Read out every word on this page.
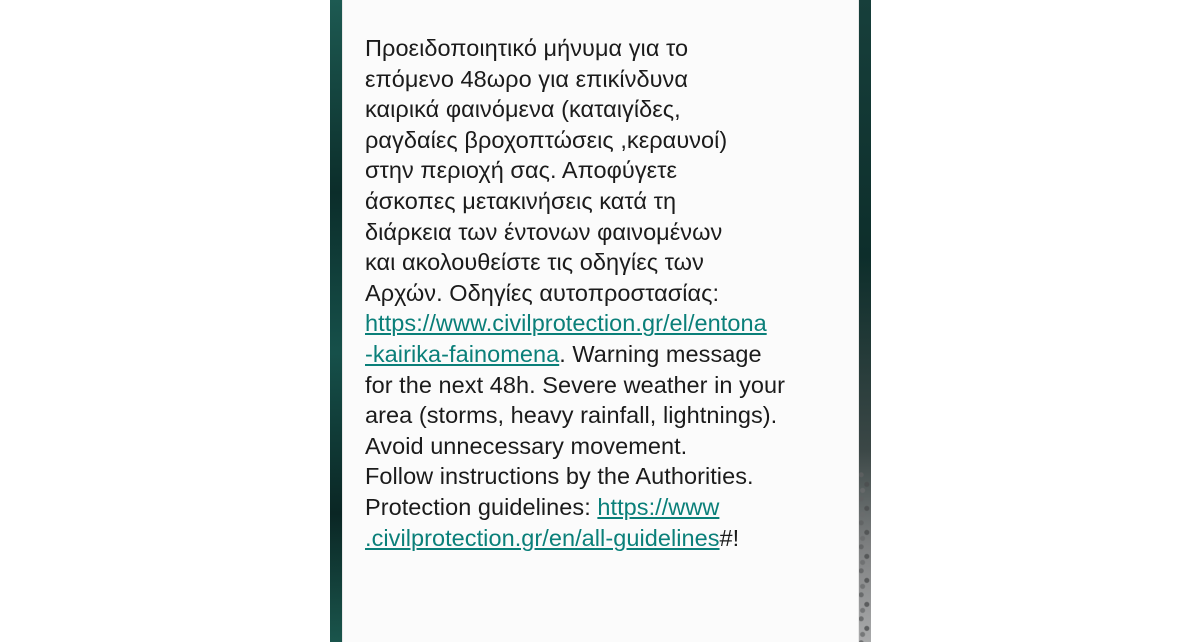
Προειδοποιητικό μήνυμα για το
επόμενο 48ωρο για επικίνδυνα
καιρικά φαινόμενα (καταιγίδες,
ραγδαίες βροχοπτώσεις ,κεραυνοί)
στην περιοχή σας. Αποφύγετε
άσκοπες μετακινήσεις κατά τη
διάρκεια των έντονων φαινομένων
και ακολουθείστε τις οδηγίες των
Αρχών. Οδηγίες αυτοπροστασίας:
https://www.civilprotection.gr/el/entona
-kairika-fainomena. Warning message
for the next 48h. Severe weather in your
area (storms, heavy rainfall, lightnings).
Avoid unnecessary movement.
Follow instructions by the Authorities.
Protection guidelines: https://www
.civilprotection.gr/en/all-guidelines#!
